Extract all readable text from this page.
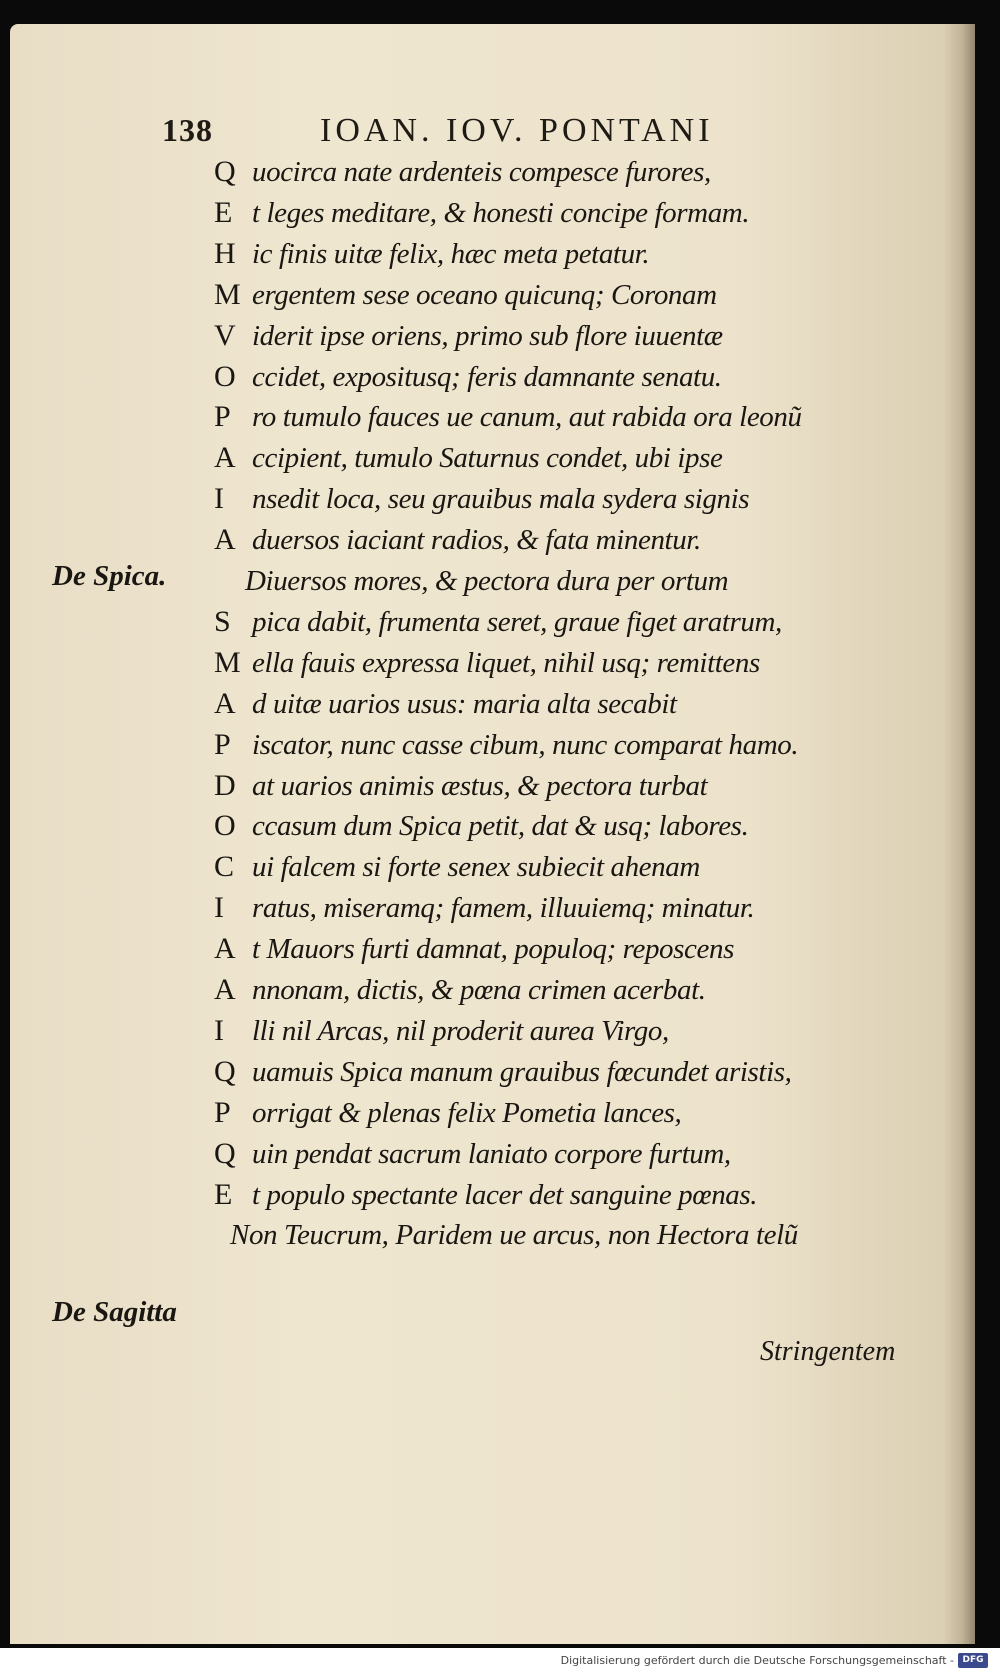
138	IOAN. IOV. PONTANI
Q uocirca nate ardenteis compesce furores,
E t leges meditare, & honesti concipe formam.
H ic finis uitæ felix, hæc meta petatur.
M ergentem sese oceano quicunq; Coronam
V iderit ipse oriens, primo sub flore iuuentæ
O ccidet, expositusq; feris damnante senatu.
P ro tumulo fauces ue canum, aut rabida ora leonũ
A ccipient, tumulo Saturnus condet, ubi ipse
I nsedit loca, seu grauibus mala sydera signis
A duersos iaciant radios, & fata minentur.
Diuersos mores, & pectora dura per ortum
S pica dabit, frumenta seret, graue figet aratrum,
M ella fauis expressa liquet, nihil usq; remittens
A d uitæ uarios usus: maria alta secabit
P iscator, nunc casse cibum, nunc comparat hamo.
D at uarios animis æstus, & pectora turbat
O ccasum dum Spica petit, dat & usq; labores.
C ui falcem si forte senex subiecit ahenam
I ratus, miseramq; famem, illuuiemq; minatur.
A t Mauors furti damnat, populoq; reposcens
A nnonam, dictis, & pœna crimen acerbat.
I lli nil Arcas, nil proderit aurea Virgo,
Q uamuis Spica manum grauibus fœcundet aristis,
P orrigat & plenas felix Pometia lances,
Q uin pendat sacrum laniato corpore furtum,
E t populo spectante lacer det sanguine pœnas.
Non Teucrum, Paridem ue arcus, non Hectora telũ
De Spica.
De Sagitta
Stringentem
Digitalisierung gefördert durch die Deutsche Forschungsgemeinschaft - DFG
